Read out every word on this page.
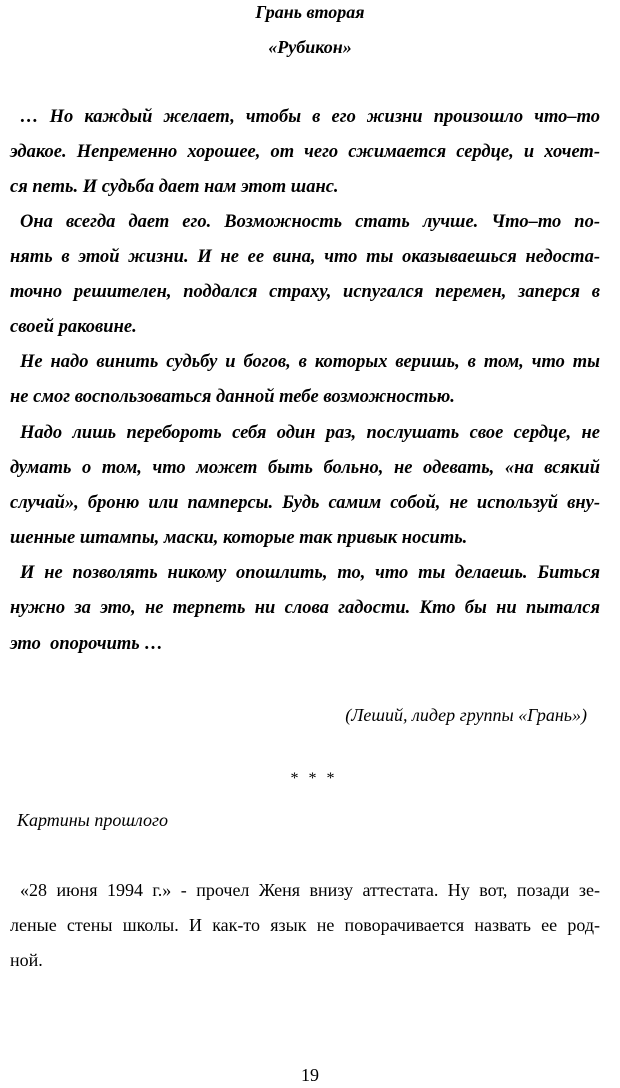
Грань вторая
«Рубикон»
… Но каждый желает, чтобы в его жизни произошло что–то
эдакое. Непременно хорошее, от чего сжимается сердце, и хочет-
ся петь. И судьба дает нам этот шанс.
Она всегда дает его. Возможность стать лучше. Что–то по-
нять в этой жизни. И не ее вина, что ты оказываешься недоста-
точно решителен, поддался страху, испугался перемен, заперся в
своей раковине.
Не надо винить судьбу и богов, в которых веришь, в том, что ты
не смог воспользоваться данной тебе возможностью.
Надо лишь перебороть себя один раз, послушать свое сердце, не
думать о том, что может быть больно, не одевать, «на всякий
случай», броню или памперсы. Будь самим собой, не используй вну-
шенные штампы, маски, которые так привык носить.
И не позволять никому опошлить, то, что ты делаешь. Биться
нужно за это, не терпеть ни слова гадости. Кто бы ни пытался
это  опорочить …
(Леший, лидер группы «Грань»)
* * *
Картины прошлого
«28 июня 1994 г.» - прочел Женя внизу аттестата. Ну вот, позади зе-
леные стены школы. И как-то язык не поворачивается назвать ее род-
ной.
19
